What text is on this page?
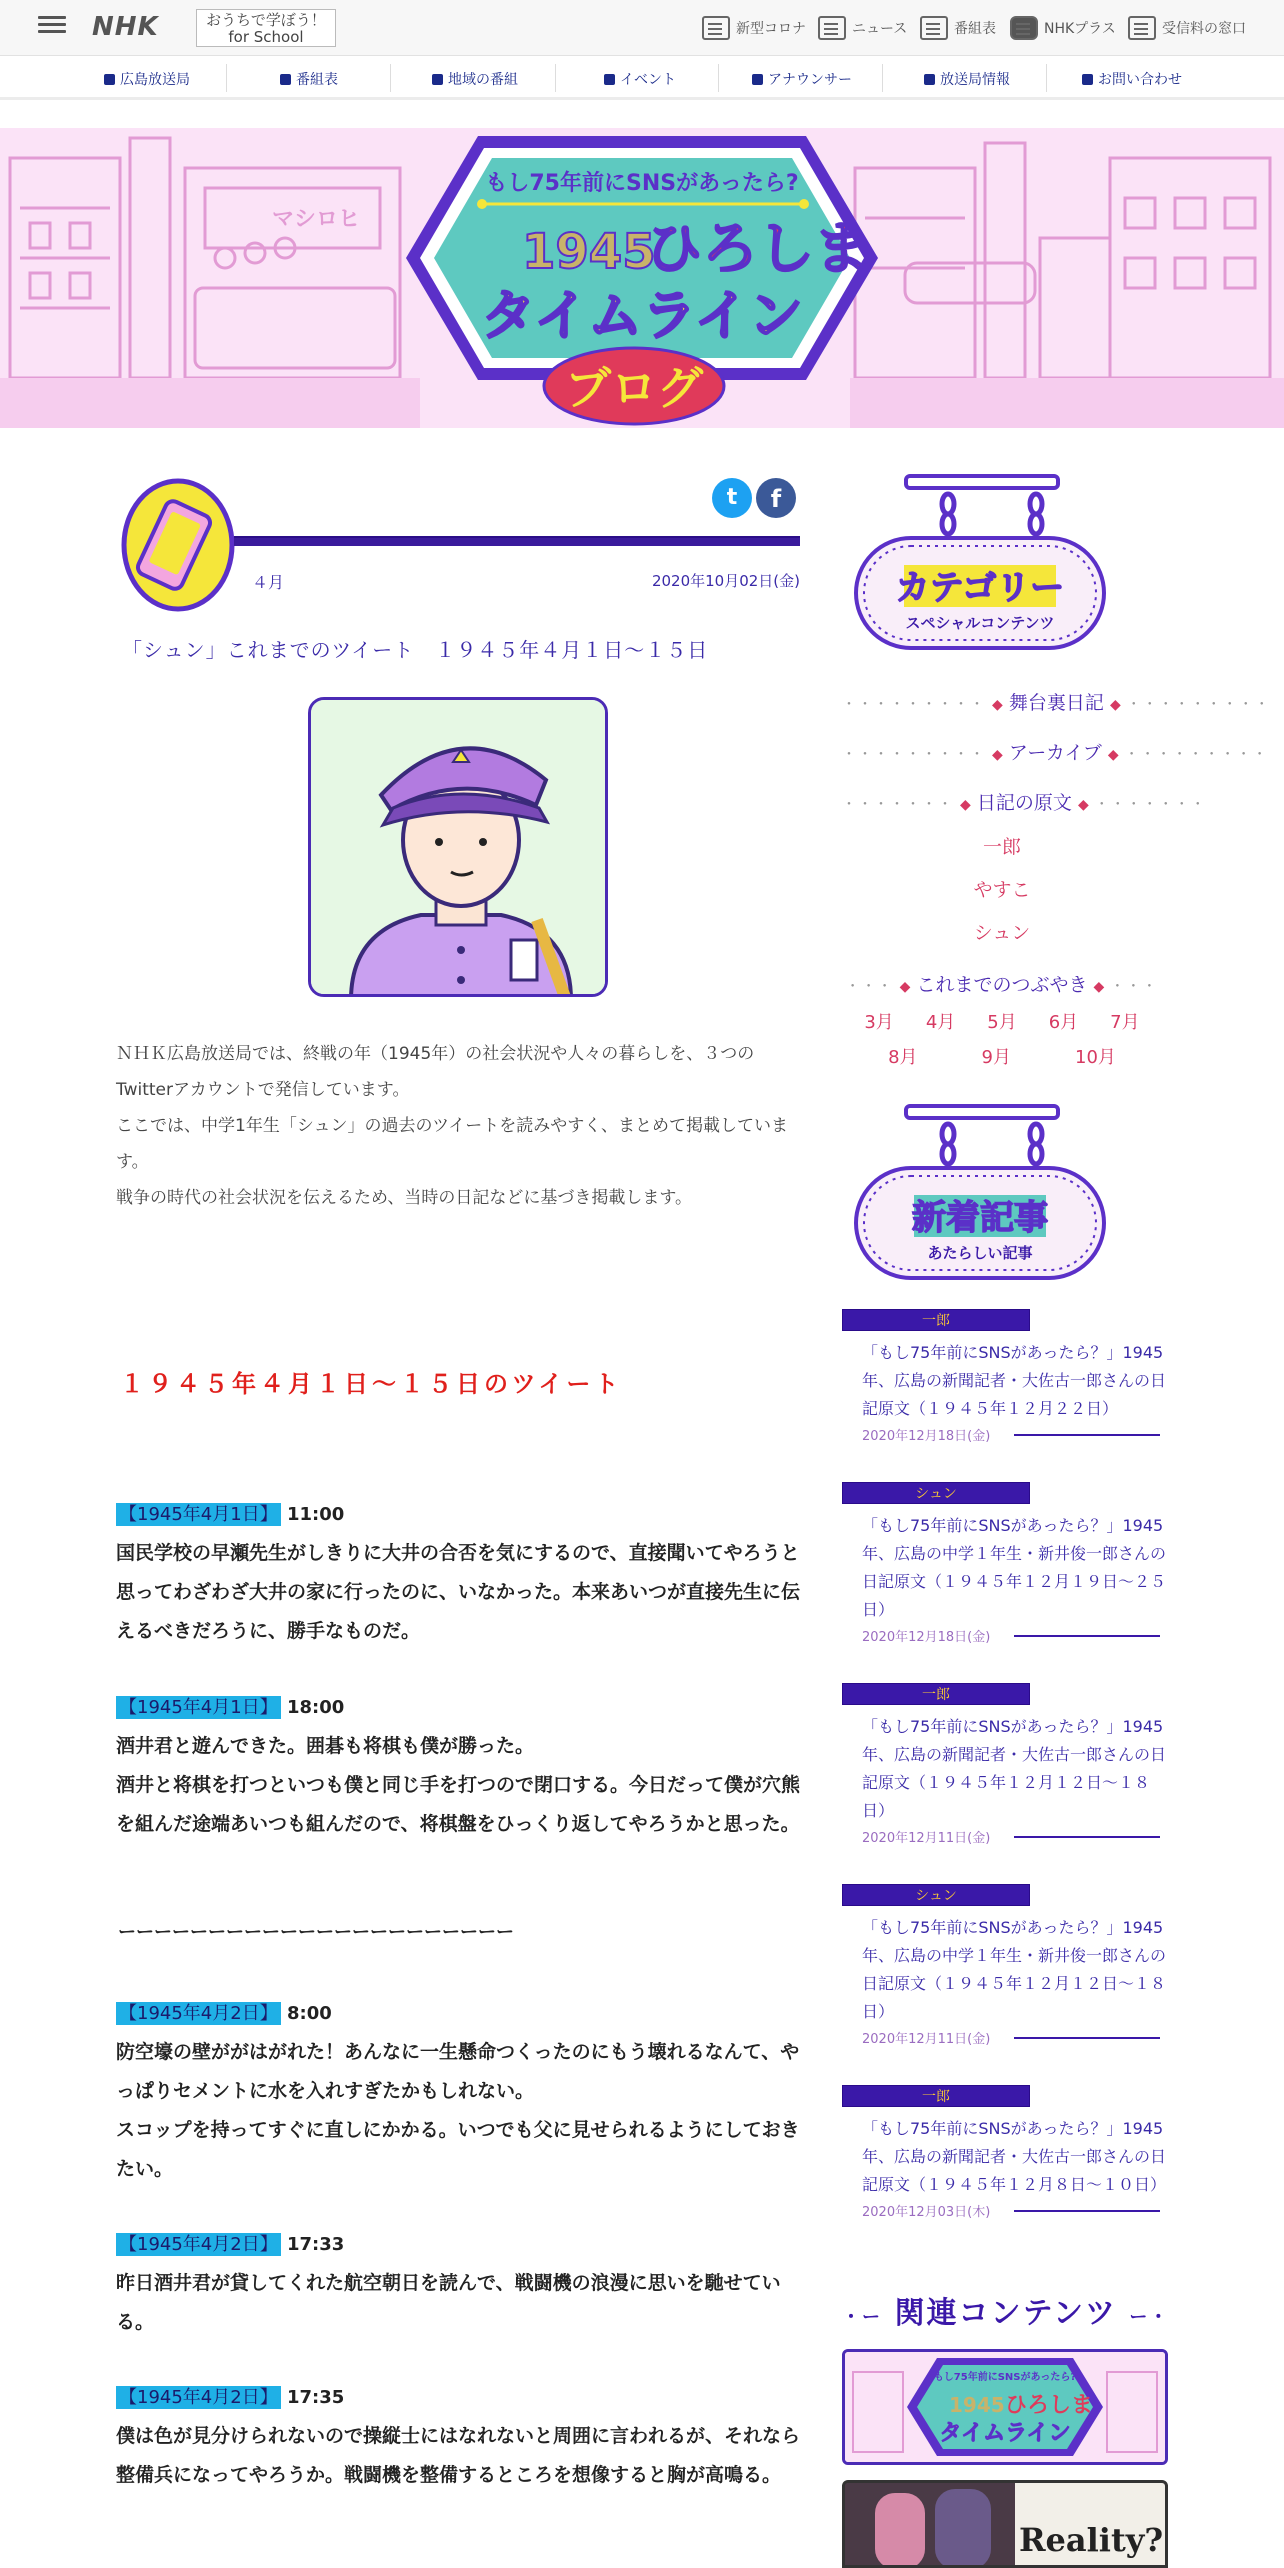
NHK	おうちで学ぼう！
for School	新型コロナ	ニュース	番組表	NHKプラス	受信料の窓口
広島放送局	番組表	地域の番組	イベント	アナウンサー	放送局情報	お問い合わせ
マシロヒ
もし75年前にSNSがあったら?
1945
ひろしま
タイムライン
ブログ
t	f
４月	2020年10月02日(金)
「シュン」これまでのツイート　１９４５年４月１日～１５日

ＮＨＫ広島放送局では、終戦の年（1945年）の社会状況や人々の暮らしを、３つのTwitterアカウントで発信しています。

ここでは、中学1年生「シュン」の過去のツイートを読みやすく、まとめて掲載しています。

戦争の時代の社会状況を伝えるため、当時の日記などに基づき掲載します。

１９４５年４月１日～１５日のツイート
【1945年4月1日】 11:00
国民学校の早瀬先生がしきりに大井の合否を気にするので、直接聞いてやろうと思ってわざわざ大井の家に行ったのに、いなかった。本来あいつが直接先生に伝えるべきだろうに、勝手なものだ。
【1945年4月1日】 18:00
酒井君と遊んできた。囲碁も将棋も僕が勝った。
酒井と将棋を打つといつも僕と同じ手を打つので閉口する。今日だって僕が穴熊を組んだ途端あいつも組んだので、将棋盤をひっくり返してやろうかと思った。
ーーーーーーーーーーーーーーーーーーーーーー
【1945年4月2日】 8:00
防空壕の壁ががはがれた！あんなに一生懸命つくったのにもう壊れるなんて、やっぱりセメントに水を入れすぎたかもしれない。
スコップを持ってすぐに直しにかかる。いつでも父に見せられるようにしておきたい。
【1945年4月2日】 17:33
昨日酒井君が貸してくれた航空朝日を読んで、戦闘機の浪漫に思いを馳せている。
【1945年4月2日】 17:35
僕は色が見分けられないので操縦士にはなれないと周囲に言われるが、それなら整備兵になってやろうか。戦闘機を整備するところを想像すると胸が高鳴る。
カテゴリー
スペシャルコンテンツ
・・・・・・・・・ ◆ 舞台裏日記 ◆ ・・・・・・・・・
・・・・・・・・・ ◆ アーカイブ ◆ ・・・・・・・・・
・・・・・・・ ◆ 日記の原文 ◆ ・・・・・・・
一郎
やすこ
シュン
・・・ ◆ これまでのつぶやき ◆ ・・・
3月 4月 5月 6月 7月
8月	9月	10月
新着記事
あたらしい記事
一郎
「もし75年前にSNSがあったら？」1945年、広島の新聞記者・大佐古一郎さんの日記原文（１９４５年１２月２２日）
2020年12月18日(金)
シュン
「もし75年前にSNSがあったら？」1945年、広島の中学１年生・新井俊一郎さんの日記原文（１９４５年１２月１９日～２５日）
2020年12月18日(金)
一郎
「もし75年前にSNSがあったら？」1945年、広島の新聞記者・大佐古一郎さんの日記原文（１９４５年１２月１２日～１８日）
2020年12月11日(金)
シュン
「もし75年前にSNSがあったら？」1945年、広島の中学１年生・新井俊一郎さんの日記原文（１９４５年１２月１２日～１８日）
2020年12月11日(金)
一郎
「もし75年前にSNSがあったら？」1945年、広島の新聞記者・大佐古一郎さんの日記原文（１９４５年１２月８日～１０日）
2020年12月03日(木)
・ー 関連コンテンツ ー・
もし75年前にSNSがあったら?
1945 ひろしま
タイムライン
Reality?
